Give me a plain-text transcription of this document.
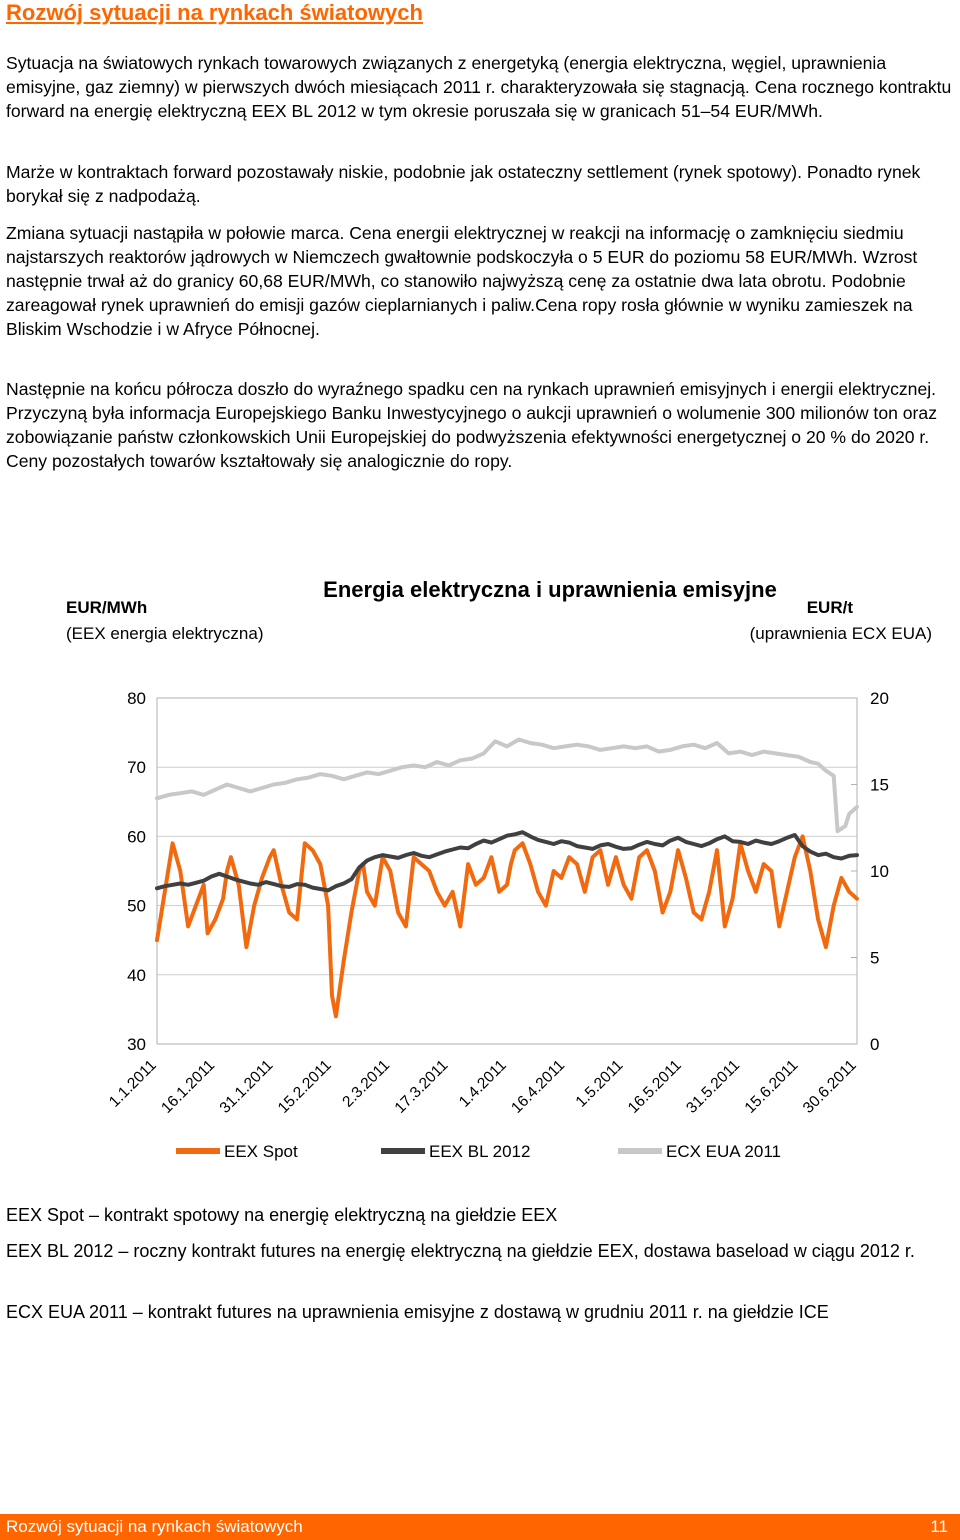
Rozwój sytuacji na rynkach światowych

Sytuacja na światowych rynkach towarowych związanych z energetyką (energia elektryczna, węgiel, uprawnienia emisyjne, gaz ziemny) w pierwszych dwóch miesiącach 2011 r. charakteryzowała się stagnacją. Cena rocznego kontraktu forward na energię elektryczną EEX BL 2012 w tym okresie poruszała się w granicach 51–54 EUR/MWh.

Marże w kontraktach forward pozostawały niskie, podobnie jak ostateczny settlement (rynek spotowy). Ponadto rynek borykał się z nadpodażą.

Zmiana sytuacji nastąpiła w połowie marca. Cena energii elektrycznej w reakcji na informację o zamknięciu siedmiu najstarszych reaktorów jądrowych w Niemczech gwałtownie podskoczyła o 5 EUR do poziomu 58 EUR/MWh. Wzrost następnie trwał aż do granicy 60,68 EUR/MWh, co stanowiło najwyższą cenę za ostatnie dwa lata obrotu. Podobnie zareagował rynek uprawnień do emisji gazów cieplarnianych i paliw.Cena ropy rosła głównie w wyniku zamieszek na Bliskim Wschodzie i w Afryce Północnej.

Następnie na końcu półrocza doszło do wyraźnego spadku cen na rynkach uprawnień emisyjnych i energii elektrycznej. Przyczyną była informacja Europejskiego Banku Inwestycyjnego o aukcji uprawnień o wolumenie 300 milionów ton oraz zobowiązanie państw członkowskich Unii Europejskiej do podwyższenia efektywności energetycznej o 20 % do 2020 r. Ceny pozostałych towarów kształtowały się analogicznie do ropy.

Energia elektryczna i uprawnienia emisyjne
EUR/MWh
(EEX energia elektryczna)
EUR/t
(uprawnienia ECX EUA)
80
70
60
50
40
30
20
15
10
5
0
1.1.2011
16.1.2011
31.1.2011
15.2.2011 2.3.2011
17.3.2011 1.4.2011
16.4.2011 1.5.2011
16.5.2011
31.5.2011
15.6.2011
30.6.2011
EEX Spot	EEX BL 2012	ECX EUA 2011

EEX Spot – kontrakt spotowy na energię elektryczną na giełdzie EEX

EEX BL 2012 – roczny kontrakt futures na energię elektryczną na giełdzie EEX, dostawa baseload w ciągu 2012 r.

ECX EUA 2011 – kontrakt futures na uprawnienia emisyjne z dostawą w grudniu 2011 r. na giełdzie ICE

Rozwój sytuacji na rynkach światowych	11
